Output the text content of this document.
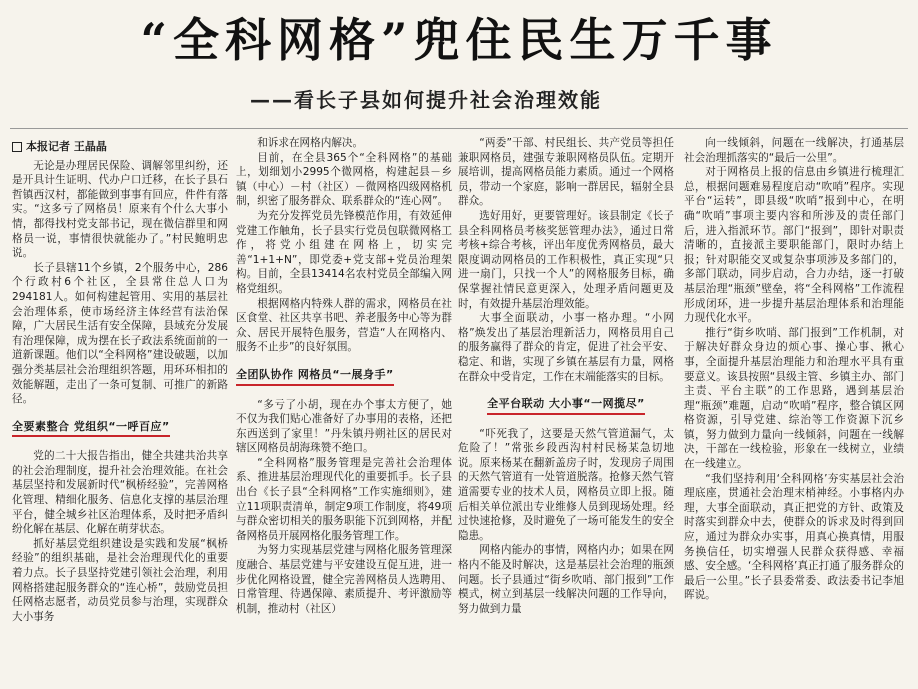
“全科网格”兜住民生万千事
——看长子县如何提升社会治理效能
本报记者 王晶晶

无论是办理居民保险、调解邻里纠纷，还是开具计生证明、代办户口迁移，在长子县石哲镇西汉村，都能做到事事有回应，件件有落实。“这多亏了网格员！原来有个什么大事小情，都得找村党支部书记，现在微信群里和网格员一说，事情很快就能办了。”村民鲍明忠说。

长子县辖11个乡镇，2个服务中心，286个行政村6个社区，全县常住总人口为294181人。如何构建起管用、实用的基层社会治理体系，使市场经济主体经营有法治保障，广大居民生活有安全保障，县域充分发展有治理保障，成为摆在长子政法系统面前的一道新课题。他们以“全科网格”建设破题，以加强分类基层社会治理组织答题，用环环相扣的效能解题，走出了一条可复制、可推广的新路径。

全要素整合 党组织“一呼百应”

党的二十大报告指出，健全共建共治共享的社会治理制度，提升社会治理效能。在社会基层坚持和发展新时代“枫桥经验”，完善网格化管理、精细化服务、信息化支撑的基层治理平台，健全城乡社区治理体系，及时把矛盾纠纷化解在基层、化解在萌芽状态。

抓好基层党组织建设是实践和发展“枫桥经验”的组织基础，是社会治理现代化的重要着力点。长子县坚持党建引领社会治理，利用网格搭建起服务群众的“连心桥”，鼓励党员担任网格志愿者，动员党员参与治理，实现群众大小事务

和诉求在网格内解决。

目前，在全县365个“全科网格”的基础上，划细划小2995个微网格，构建起县－乡镇（中心）－村（社区）－微网格四级网格机制，织密了服务群众、联系群众的“连心网”。

为充分发挥党员先锋模范作用，有效延伸党建工作触角，长子县实行党员包联微网格工作，将党小组建在网格上，切实完善“1+1+N”，即党委+党支部+党员治理架构。目前，全县13414名农村党员全部编入网格党组织。

根据网格内特殊人群的需求，网格员在社区食堂、社区共享书吧、养老服务中心等为群众、居民开展特色服务，营造“人在网格内、服务不止步”的良好氛围。

全团队协作 网格员“一展身手”

“多亏了小胡，现在办个事太方便了，她不仅为我们贴心准备好了办事用的表格，还把东西送到了家里！”丹朱镇丹朔社区的居民对辖区网格员胡海珠赞不绝口。

“全科网格”服务管理是完善社会治理体系、推进基层治理现代化的重要抓手。长子县出台《长子县“全科网格”工作实施细则》，建立11项职责清单，制定9项工作制度，将49项与群众密切相关的服务职能下沉到网格，并配备网格员开展网格化服务管理工作。

为努力实现基层党建与网格化服务管理深度融合、基层党建与平安建设互促互进，进一步优化网格设置，健全完善网格员人选聘用、日常管理、待遇保障、素质提升、考评激励等机制，推动村（社区）

“两委”干部、村民组长、共产党员等担任兼职网格员，建强专兼职网格员队伍。定期开展培训，提高网格员能力素质。通过一个网格员，带动一个家庭，影响一群居民，辐射全县群众。

选好用好，更要管理好。该县制定《长子县全科网格员考核奖惩管理办法》，通过日常考核+综合考核，评出年度优秀网格员，最大限度调动网格员的工作积极性，真正实现“只进一扇门，只找一个人”的网格服务目标，确保掌握社情民意更深入，处理矛盾问题更及时，有效提升基层治理效能。

大事全面联动，小事一格办理。“小网格”焕发出了基层治理新活力，网格员用自己的服务赢得了群众的肯定，促进了社会平安、稳定、和谐，实现了乡镇在基层有力量，网格在群众中受肯定，工作在末端能落实的目标。

全平台联动 大小事“一网揽尽”

“吓死我了，这要是天然气管道漏气，太危险了！”常张乡段西沟村村民杨某急切地说。原来杨某在翻新盖房子时，发现房子周围的天然气管道有一处管道脱落。抢修天然气管道需要专业的技术人员，网格员立即上报。随后相关单位派出专业维修人员到现场处理。经过快速抢修，及时避免了一场可能发生的安全隐患。

网格内能办的事情，网格内办；如果在网格内不能及时解决，这是基层社会治理的瓶颈问题。长子县通过“街乡吹哨、部门报到”工作模式，树立到基层一线解决问题的工作导向，努力做到力量

向一线倾斜，问题在一线解决，打通基层社会治理抓落实的“最后一公里”。

对于网格员上报的信息由乡镇进行梳理汇总，根据问题难易程度启动“吹哨”程序。实现平台“运转”，即县级“吹哨”报到中心，在明确“吹哨”事项主要内容和所涉及的责任部门后，进入指派环节。部门“报到”，即针对职责清晰的，直接派主要职能部门，限时办结上报；针对职能交叉或复杂事项涉及多部门的，多部门联动，同步启动，合力办结，逐一打破基层治理“瓶颈”壁垒，将“全科网格”工作流程形成闭环，进一步提升基层治理体系和治理能力现代化水平。

推行“街乡吹哨、部门报到”工作机制，对于解决好群众身边的烦心事、操心事、揪心事，全面提升基层治理能力和治理水平具有重要意义。该县按照“县级主管、乡镇主办、部门主责、平台主联”的工作思路，遇到基层治理“瓶颈”难题，启动“吹哨”程序，整合镇区网格资源，引导党建、综治等工作资源下沉乡镇，努力做到力量向一线倾斜，问题在一线解决，干部在一线检验，形象在一线树立，业绩在一线建立。

“我们坚持利用‘全科网格’夯实基层社会治理底座，贯通社会治理末梢神经。小事格内办理，大事全面联动，真正把党的方针、政策及时落实到群众中去，使群众的诉求及时得到回应，通过为群众办实事，用真心换真情，用服务换信任，切实增强人民群众获得感、幸福感、安全感。‘全科网格’真正打通了服务群众的最后一公里。”长子县委常委、政法委书记李旭晖说。
